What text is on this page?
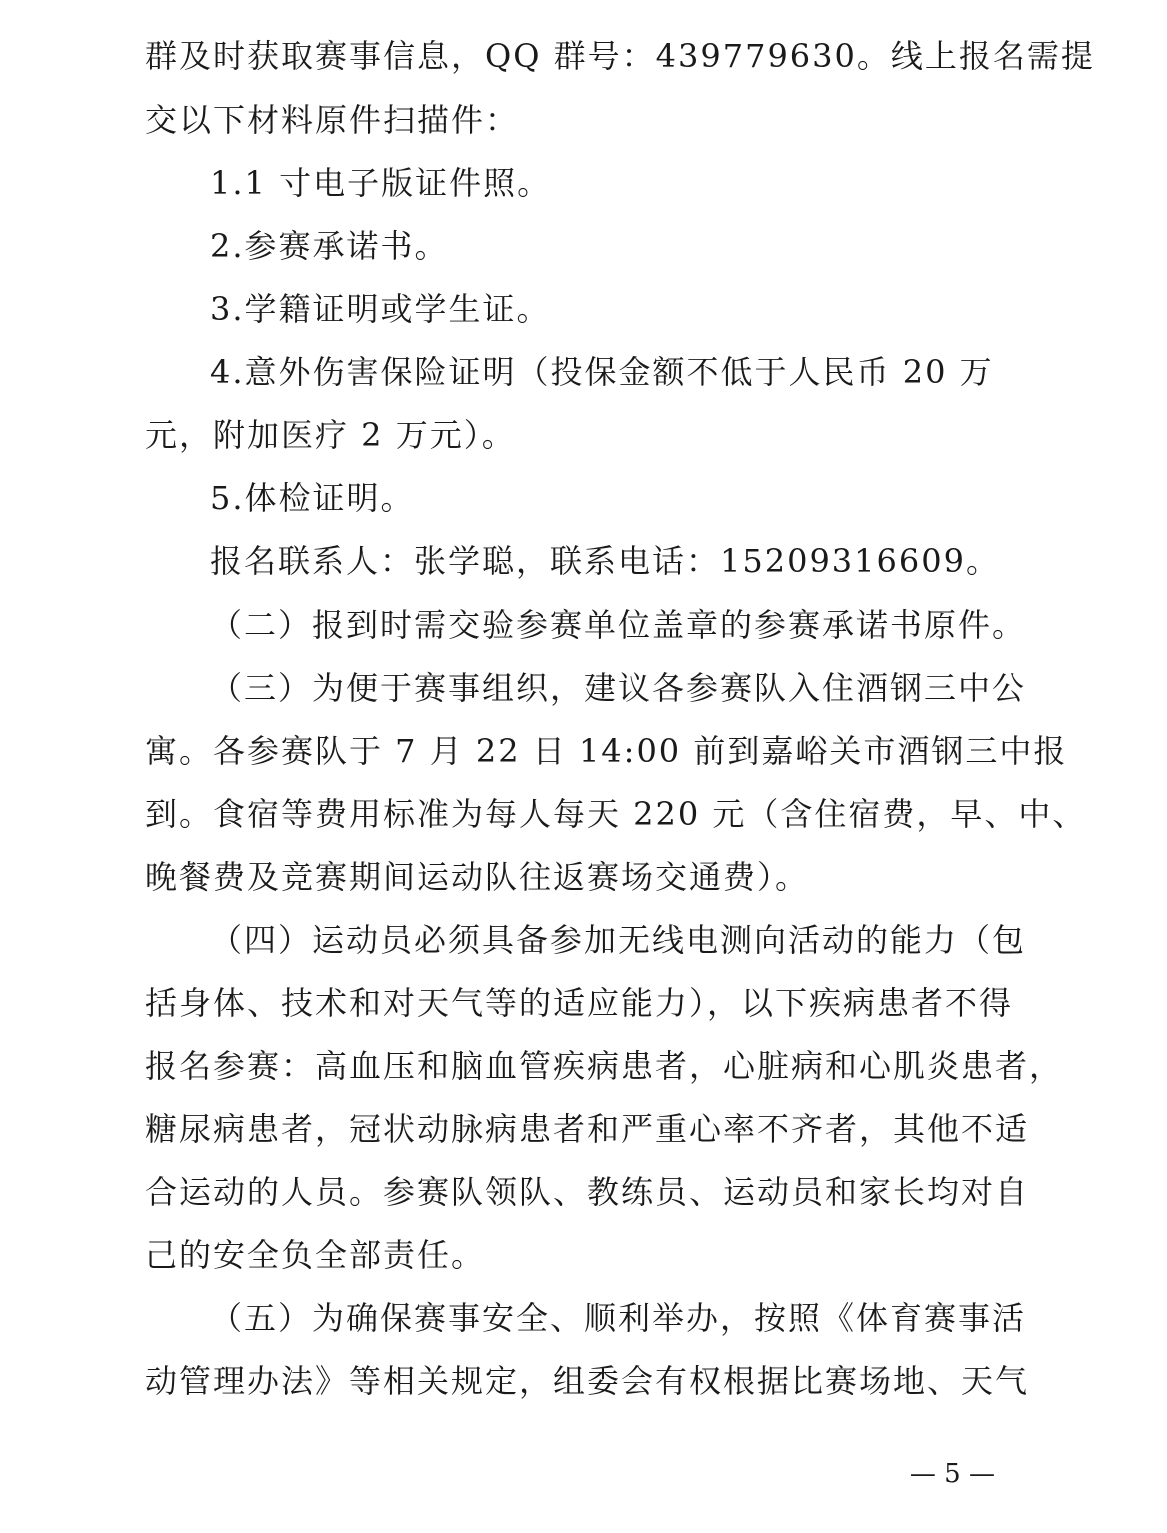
群及时获取赛事信息，QQ 群号：439779630。线上报名需提
交以下材料原件扫描件：
1.1 寸电子版证件照。
2.参赛承诺书。
3.学籍证明或学生证。
4.意外伤害保险证明（投保金额不低于人民币 20 万
元，附加医疗 2 万元）。
5.体检证明。
报名联系人：张学聪，联系电话：15209316609。
（二）报到时需交验参赛单位盖章的参赛承诺书原件。
（三）为便于赛事组织，建议各参赛队入住酒钢三中公
寓。各参赛队于 7 月 22 日 14:00 前到嘉峪关市酒钢三中报
到。食宿等费用标准为每人每天 220 元（含住宿费，早、中、
晚餐费及竞赛期间运动队往返赛场交通费）。
（四）运动员必须具备参加无线电测向活动的能力（包
括身体、技术和对天气等的适应能力），以下疾病患者不得
报名参赛：高血压和脑血管疾病患者，心脏病和心肌炎患者，
糖尿病患者，冠状动脉病患者和严重心率不齐者，其他不适
合运动的人员。参赛队领队、教练员、运动员和家长均对自
己的安全负全部责任。
（五）为确保赛事安全、顺利举办，按照《体育赛事活
动管理办法》等相关规定，组委会有权根据比赛场地、天气
— 5 —
